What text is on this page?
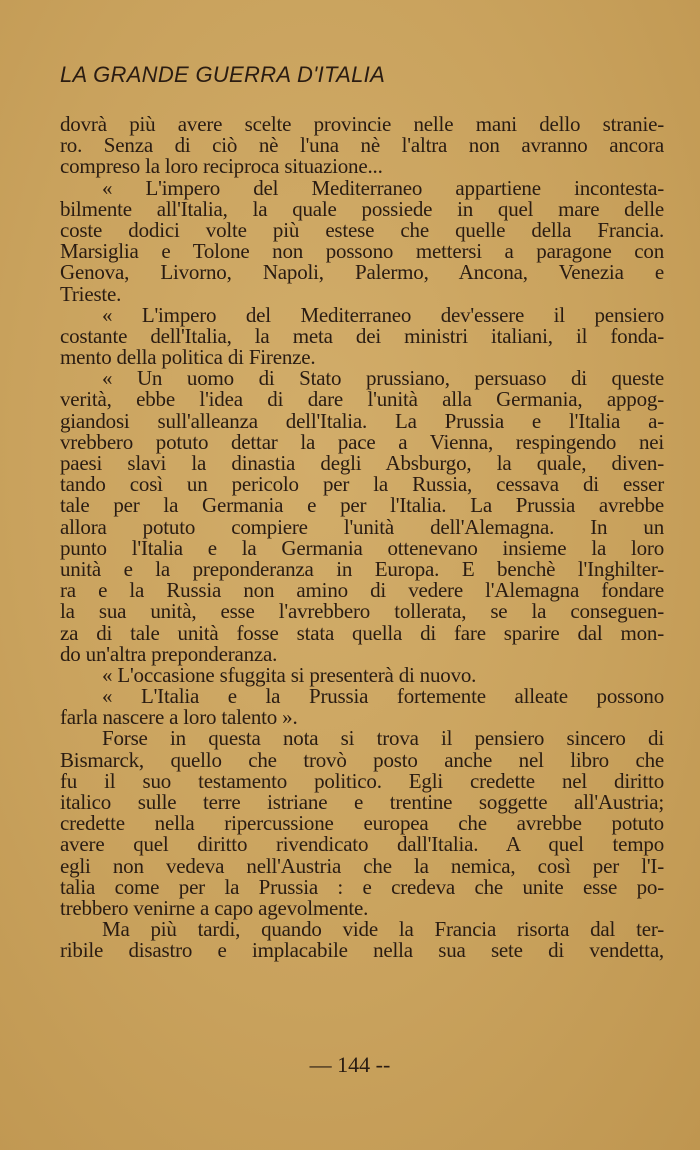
LA GRANDE GUERRA D'ITALIA
dovrà più avere scelte provincie nelle mani dello stranie-
ro. Senza di ciò nè l'una nè l'altra non avranno ancora
compreso la loro reciproca situazione...
« L'impero del Mediterraneo appartiene incontesta-
bilmente all'Italia, la quale possiede in quel mare delle
coste dodici volte più estese che quelle della Francia.
Marsiglia e Tolone non possono mettersi a paragone con
Genova, Livorno, Napoli, Palermo, Ancona, Venezia e
Trieste.
« L'impero del Mediterraneo dev'essere il pensiero
costante dell'Italia, la meta dei ministri italiani, il fonda-
mento della politica di Firenze.
« Un uomo di Stato prussiano, persuaso di queste
verità, ebbe l'idea di dare l'unità alla Germania, appog-
giandosi sull'alleanza dell'Italia. La Prussia e l'Italia a-
vrebbero potuto dettar la pace a Vienna, respingendo nei
paesi slavi la dinastia degli Absburgo, la quale, diven-
tando così un pericolo per la Russia, cessava di esser
tale per la Germania e per l'Italia. La Prussia avrebbe
allora potuto compiere l'unità dell'Alemagna. In un
punto l'Italia e la Germania ottenevano insieme la loro
unità e la preponderanza in Europa. E benchè l'Inghilter-
ra e la Russia non amino di vedere l'Alemagna fondare
la sua unità, esse l'avrebbero tollerata, se la conseguen-
za di tale unità fosse stata quella di fare sparire dal mon-
do un'altra preponderanza.
« L'occasione sfuggita si presenterà di nuovo.
« L'Italia e la Prussia fortemente alleate possono
farla nascere a loro talento ».
Forse in questa nota si trova il pensiero sincero di
Bismarck, quello che trovò posto anche nel libro che
fu il suo testamento politico. Egli credette nel diritto
italico sulle terre istriane e trentine soggette all'Austria;
credette nella ripercussione europea che avrebbe potuto
avere quel diritto rivendicato dall'Italia. A quel tempo
egli non vedeva nell'Austria che la nemica, così per l'I-
talia come per la Prussia : e credeva che unite esse po-
trebbero venirne a capo agevolmente.
Ma più tardi, quando vide la Francia risorta dal ter-
ribile disastro e implacabile nella sua sete di vendetta,
— 144 --
